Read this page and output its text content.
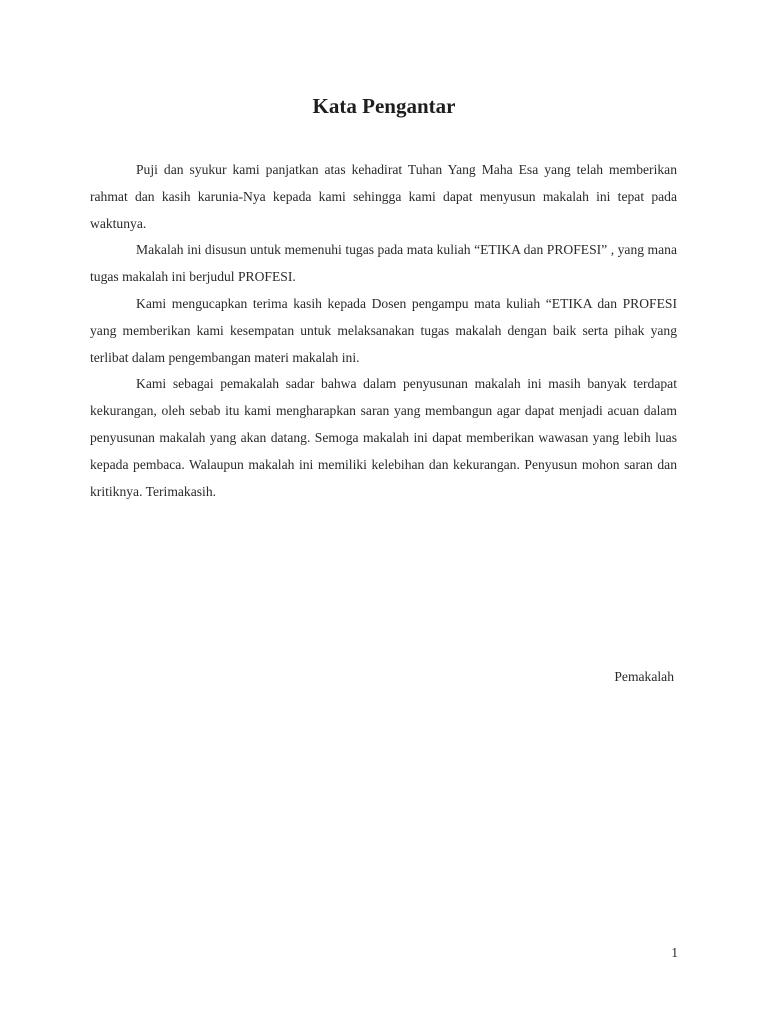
Kata Pengantar

Puji dan syukur kami panjatkan atas kehadirat Tuhan Yang Maha Esa yang telah memberikan rahmat dan kasih karunia-Nya kepada kami sehingga kami dapat menyusun makalah ini tepat pada waktunya.

Makalah ini disusun untuk memenuhi tugas pada mata kuliah “ETIKA dan PROFESI” , yang mana tugas makalah ini berjudul PROFESI.

Kami mengucapkan terima kasih kepada Dosen pengampu mata kuliah “ETIKA dan PROFESI yang memberikan kami kesempatan untuk melaksanakan tugas makalah dengan baik serta pihak yang terlibat dalam pengembangan materi makalah ini.

Kami sebagai pemakalah sadar bahwa dalam penyusunan makalah ini masih banyak terdapat kekurangan, oleh sebab itu kami mengharapkan saran yang membangun agar dapat menjadi acuan dalam penyusunan makalah yang akan datang. Semoga makalah ini dapat memberikan wawasan yang lebih luas kepada pembaca. Walaupun makalah ini memiliki kelebihan dan kekurangan. Penyusun mohon saran dan kritiknya. Terimakasih.

Pemakalah
1
